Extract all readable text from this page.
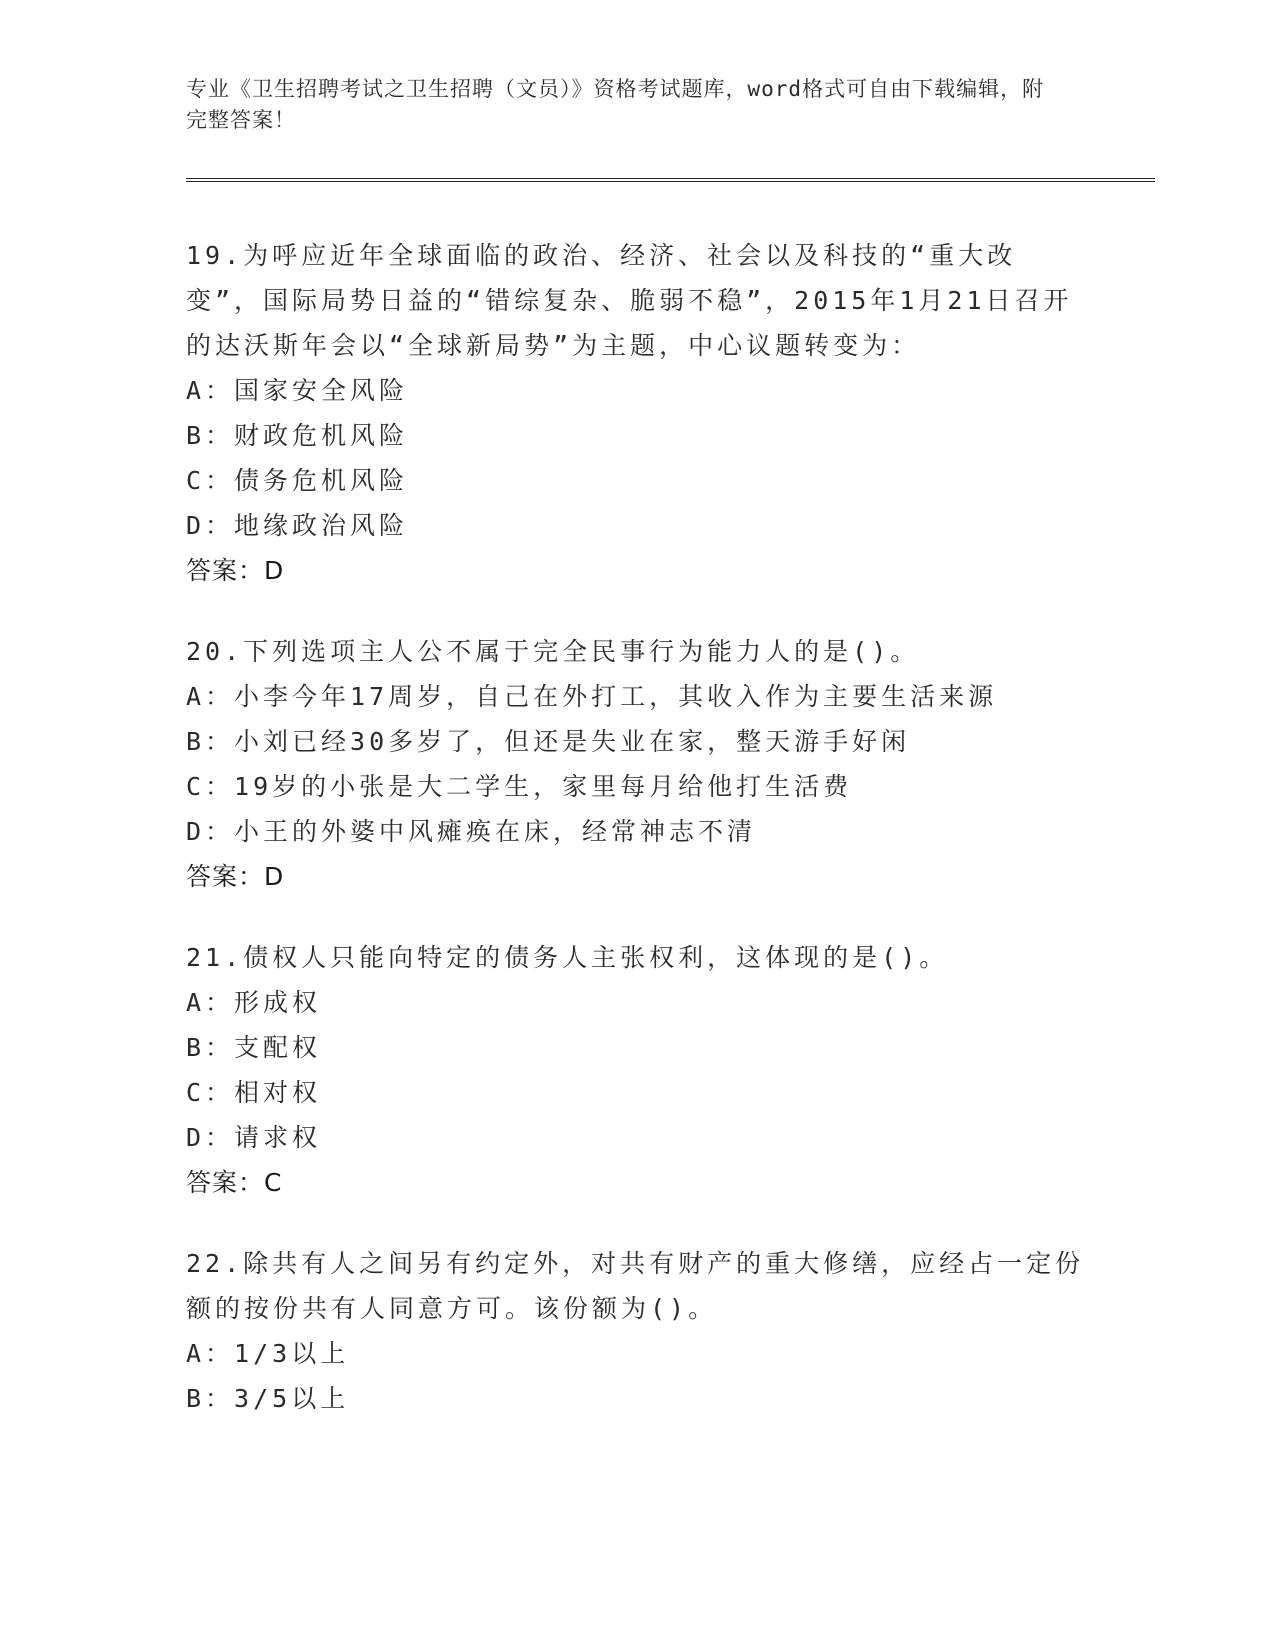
专业《卫生招聘考试之卫生招聘（文员）》资格考试题库，word格式可自由下载编辑，附完整答案！
19.为呼应近年全球面临的政治、经济、社会以及科技的“重大改变”，国际局势日益的“错综复杂、脆弱不稳”，2015年1月21日召开的达沃斯年会以“全球新局势”为主题，中心议题转变为：
A：国家安全风险
B：财政危机风险
C：债务危机风险
D：地缘政治风险
答案：D
20.下列选项主人公不属于完全民事行为能力人的是()。
A：小李今年17周岁，自己在外打工，其收入作为主要生活来源
B：小刘已经30多岁了，但还是失业在家，整天游手好闲
C：19岁的小张是大二学生，家里每月给他打生活费
D：小王的外婆中风瘫痪在床，经常神志不清
答案：D
21.债权人只能向特定的债务人主张权利，这体现的是()。
A：形成权
B：支配权
C：相对权
D：请求权
答案：C
22.除共有人之间另有约定外，对共有财产的重大修缮，应经占一定份额的按份共有人同意方可。该份额为()。
A：1/3以上
B：3/5以上
